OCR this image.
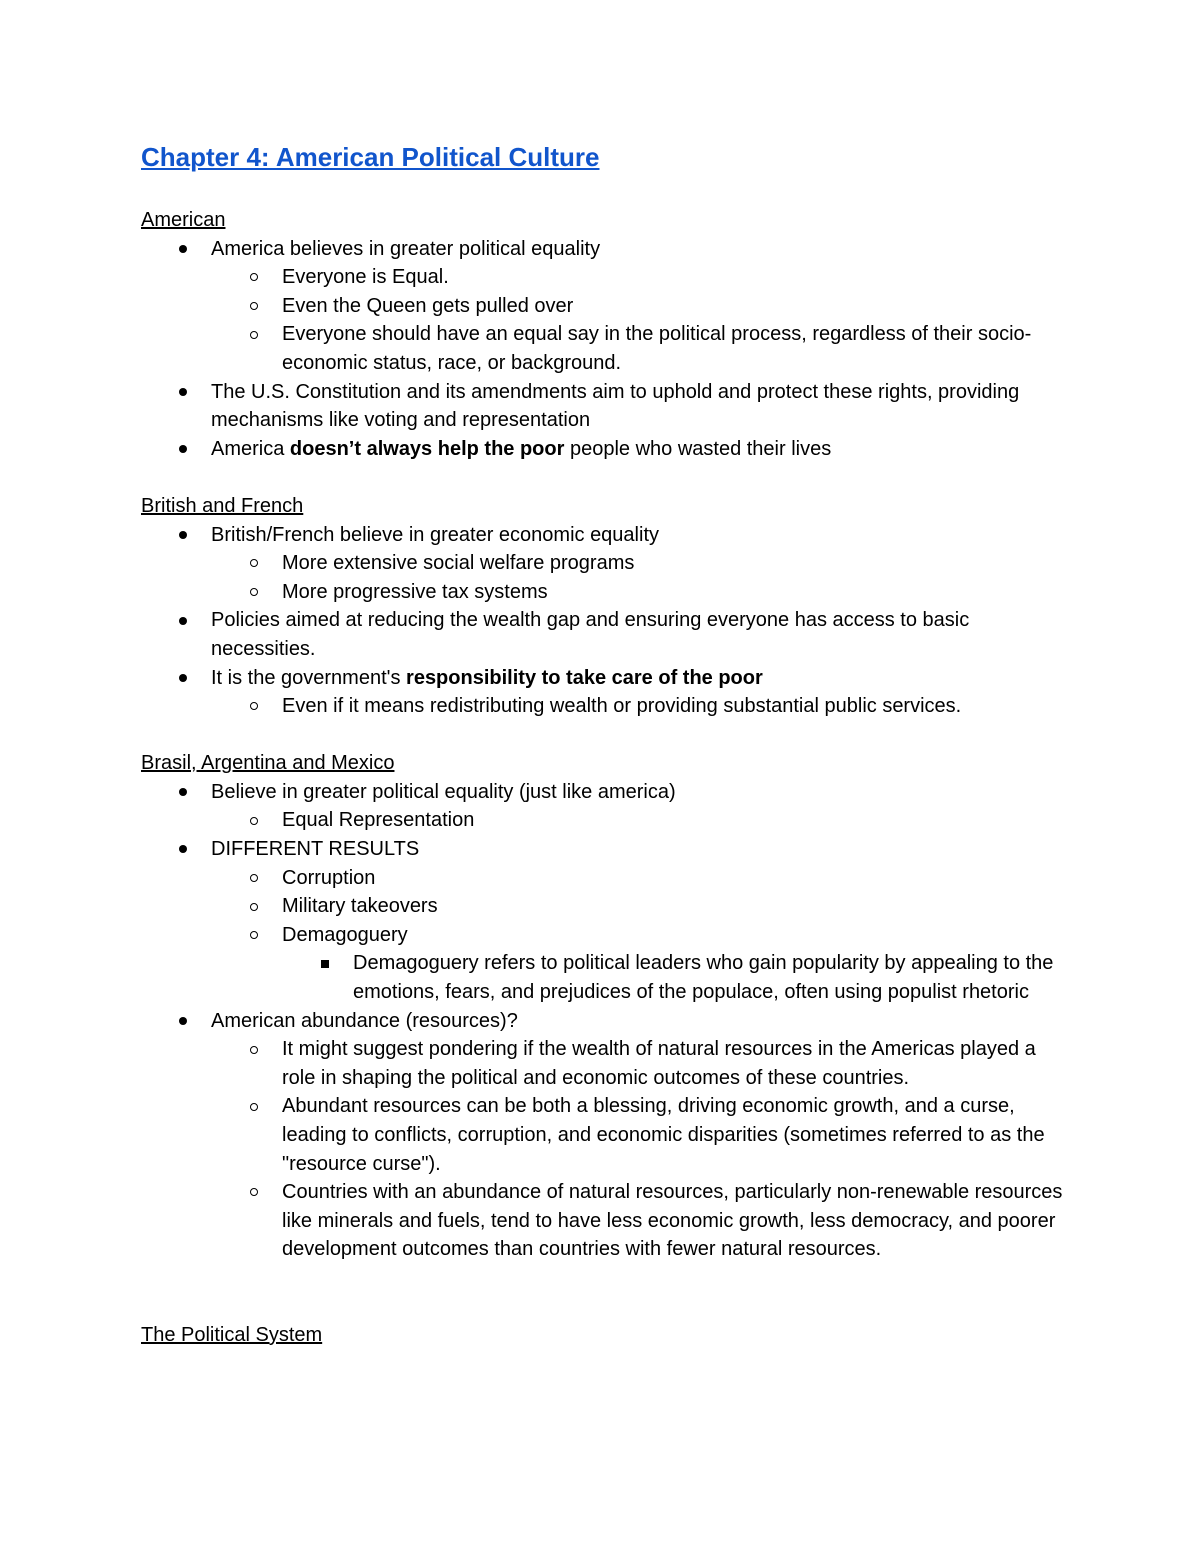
Chapter 4: American Political Culture
American
America believes in greater political equality
Everyone is Equal.
Even the Queen gets pulled over
Everyone should have an equal say in the political process, regardless of their socio-economic status, race, or background.
The U.S. Constitution and its amendments aim to uphold and protect these rights, providing mechanisms like voting and representation
America doesn’t always help the poor people who wasted their lives
British and French
British/French believe in greater economic equality
More extensive social welfare programs
More progressive tax systems
Policies aimed at reducing the wealth gap and ensuring everyone has access to basic necessities.
It is the government's responsibility to take care of the poor
Even if it means redistributing wealth or providing substantial public services.
Brasil, Argentina and Mexico
Believe in greater political equality (just like america)
Equal Representation
DIFFERENT RESULTS
Corruption
Military takeovers
Demagoguery
Demagoguery refers to political leaders who gain popularity by appealing to the emotions, fears, and prejudices of the populace, often using populist rhetoric
American abundance (resources)?
It might suggest pondering if the wealth of natural resources in the Americas played a role in shaping the political and economic outcomes of these countries.
Abundant resources can be both a blessing, driving economic growth, and a curse, leading to conflicts, corruption, and economic disparities (sometimes referred to as the "resource curse").
Countries with an abundance of natural resources, particularly non-renewable resources like minerals and fuels, tend to have less economic growth, less democracy, and poorer development outcomes than countries with fewer natural resources.
The Political System
